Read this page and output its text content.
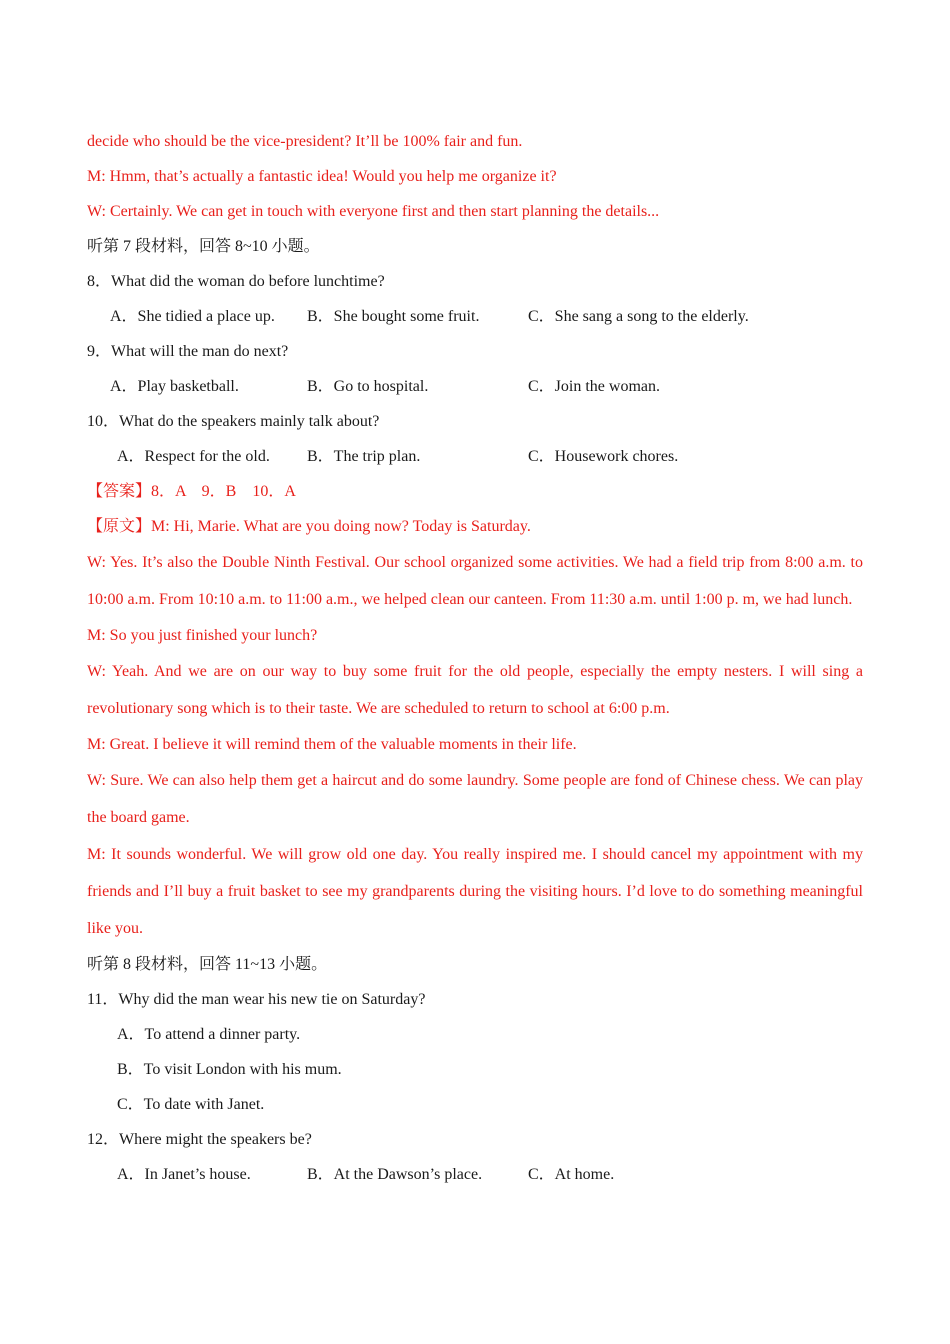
decide who should be the vice-president? It’ll be 100% fair and fun.

M: Hmm, that’s actually a fantastic idea! Would you help me organize it?

W: Certainly. We can get in touch with everyone first and then start planning the details...

听第 7 段材料，回答 8~10 小题。

8．What did the woman do before lunchtime?

A．She tidied a place up. B．She bought some fruit.	C．She sang a song to the elderly.

9．What will the man do next?

A．Play basketball.	B．Go to hospital.	C．Join the woman.

10．What do the speakers mainly talk about?

A．Respect for the old. B．The trip plan.	C．Housework chores.

【答案】8．A　9．B　10．A

【原文】M: Hi, Marie. What are you doing now? Today is Saturday.

W: Yes. It’s also the Double Ninth Festival. Our school organized some activities. We had a field trip from 8:00 a.m. to 10:00 a.m. From 10:10 a.m. to 11:00 a.m., we helped clean our canteen. From 11:30 a.m. until 1:00 p. m, we had lunch.

M: So you just finished your lunch?

W: Yeah. And we are on our way to buy some fruit for the old people, especially the empty nesters. I will sing a revolutionary song which is to their taste. We are scheduled to return to school at 6:00 p.m.

M: Great. I believe it will remind them of the valuable moments in their life.

W: Sure. We can also help them get a haircut and do some laundry. Some people are fond of Chinese chess. We can play the board game.

M: It sounds wonderful. We will grow old one day. You really inspired me. I should cancel my appointment with my friends and I’ll buy a fruit basket to see my grandparents during the visiting hours. I’d love to do something meaningful like you.

听第 8 段材料，回答 11~13 小题。

11．Why did the man wear his new tie on Saturday?

A．To attend a dinner party.

B．To visit London with his mum.

C．To date with Janet.

12．Where might the speakers be?

A．In Janet’s house.	B．At the Dawson’s place.	C．At home.
